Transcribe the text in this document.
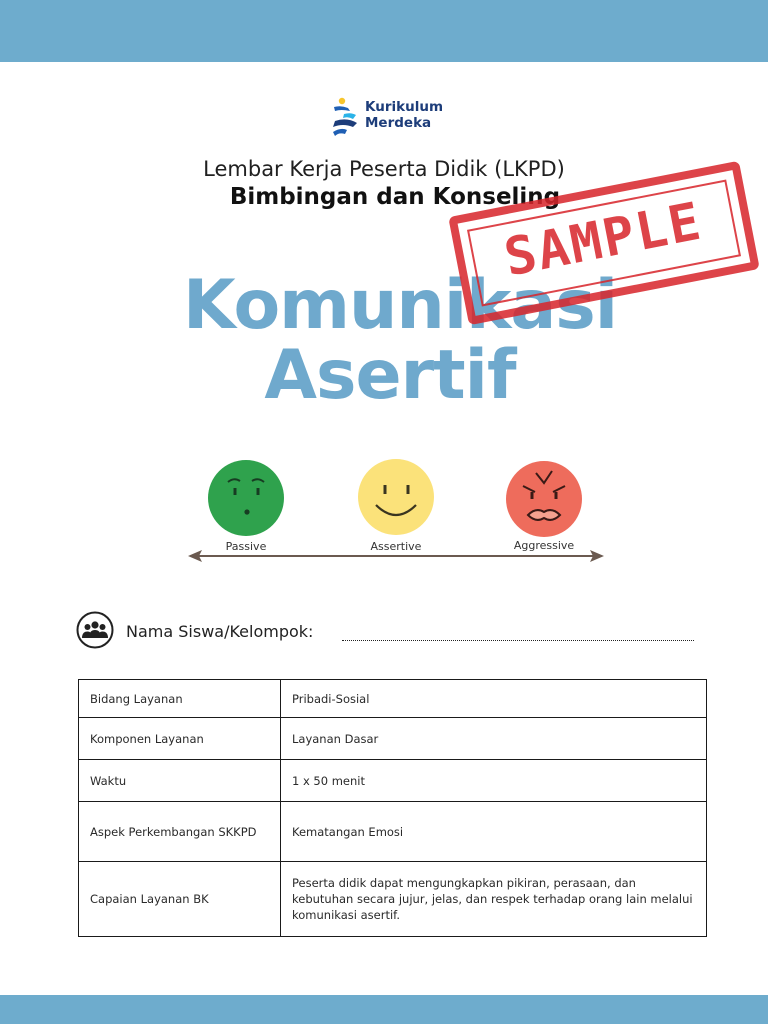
Kurikulum
Merdeka
Lembar Kerja Peserta Didik (LKPD)
Bimbingan dan Konseling
Komunikasi
Asertif
SAMPLE
Passive	Assertive	Aggressive
Nama Siswa/Kelompok:
Bidang Layanan	Pribadi-Sosial
Komponen Layanan	Layanan Dasar
Waktu	1 x 50 menit
Aspek Perkembangan SKKPD	Kematangan Emosi
Capaian Layanan BK	Peserta didik dapat mengungkapkan pikiran, perasaan, dan kebutuhan secara jujur, jelas, dan respek terhadap orang lain melalui komunikasi asertif.
